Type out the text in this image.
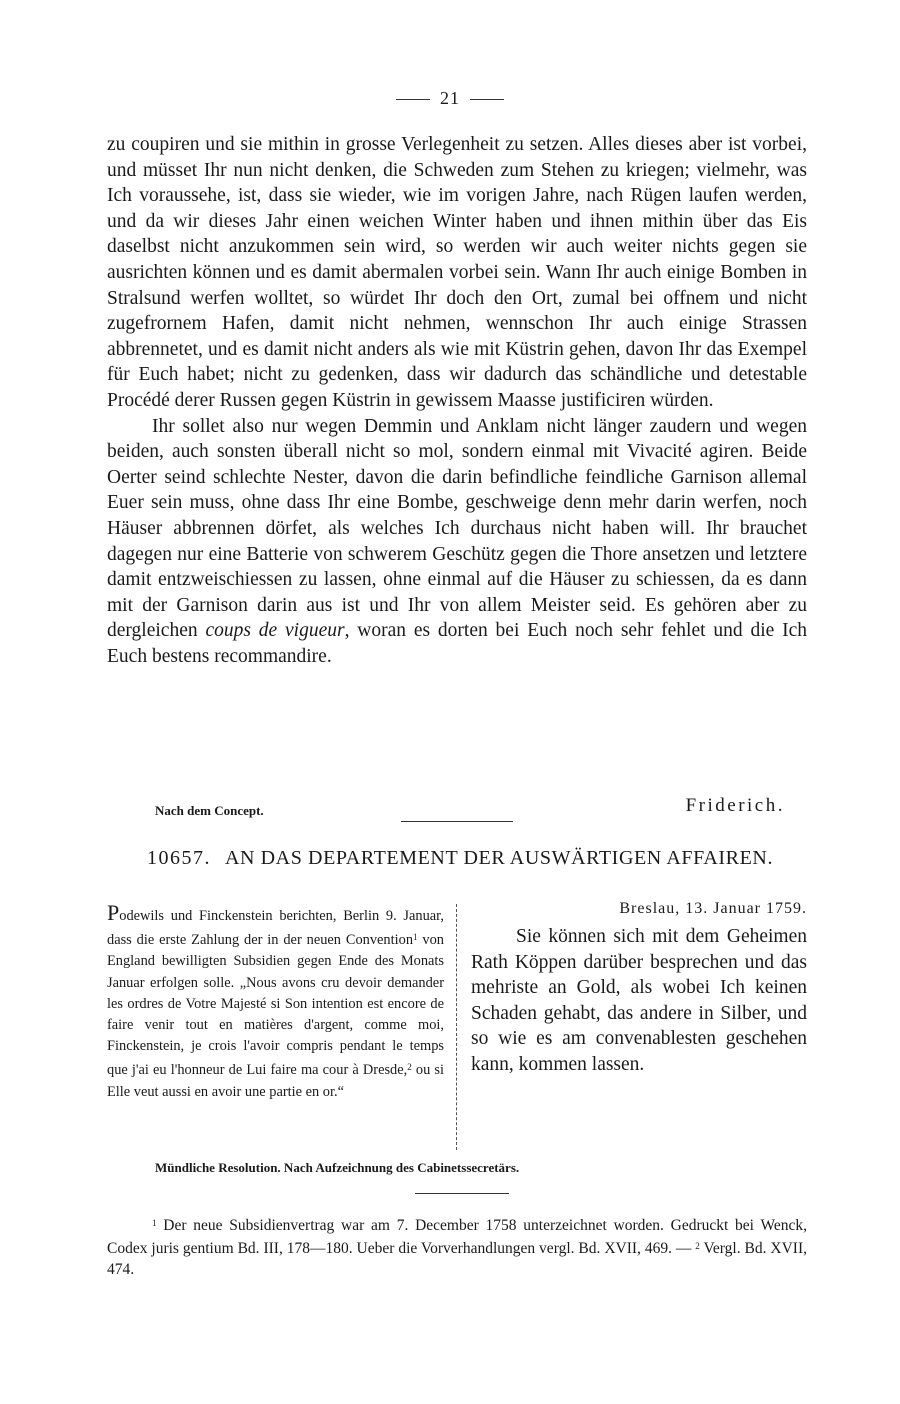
21

zu coupiren und sie mithin in grosse Verlegenheit zu setzen. Alles dieses aber ist vorbei, und müsset Ihr nun nicht denken, die Schweden zum Stehen zu kriegen; vielmehr, was Ich voraussehe, ist, dass sie wieder, wie im vorigen Jahre, nach Rügen laufen werden, und da wir dieses Jahr einen weichen Winter haben und ihnen mithin über das Eis daselbst nicht anzukommen sein wird, so werden wir auch weiter nichts gegen sie ausrichten können und es damit abermalen vorbei sein. Wann Ihr auch einige Bomben in Stralsund werfen wolltet, so würdet Ihr doch den Ort, zumal bei offnem und nicht zugefrornem Hafen, damit nicht nehmen, wennschon Ihr auch einige Strassen abbrennetet, und es damit nicht anders als wie mit Küstrin gehen, davon Ihr das Exempel für Euch habet; nicht zu gedenken, dass wir dadurch das schändliche und detestable Procédé derer Russen gegen Küstrin in gewissem Maasse justificiren würden.

Ihr sollet also nur wegen Demmin und Anklam nicht länger zaudern und wegen beiden, auch sonsten überall nicht so mol, sondern einmal mit Vivacité agiren. Beide Oerter seind schlechte Nester, davon die darin befindliche feindliche Garnison allemal Euer sein muss, ohne dass Ihr eine Bombe, geschweige denn mehr darin werfen, noch Häuser abbrennen dörfet, als welches Ich durchaus nicht haben will. Ihr brauchet dagegen nur eine Batterie von schwerem Geschütz gegen die Thore ansetzen und letztere damit entzweischiessen zu lassen, ohne einmal auf die Häuser zu schiessen, da es dann mit der Garnison darin aus ist und Ihr von allem Meister seid. Es gehören aber zu dergleichen coups de vigueur, woran es dorten bei Euch noch sehr fehlet und die Ich Euch bestens recommandire.

Nach dem Concept.	Friderich.
10657. AN DAS DEPARTEMENT DER AUSWÄRTIGEN AFFAIREN.

Podewils und Finckenstein berichten, Berlin 9. Januar, dass die erste Zahlung der in der neuen Convention$^1$ von England bewilligten Subsidien gegen Ende des Monats Januar erfolgen solle. „Nous avons cru devoir demander les ordres de Votre Majesté si Son intention est encore de faire venir tout en matières d'argent, comme moi, Finckenstein, je crois l'avoir compris pendant le temps que j'ai eu l'honneur de Lui faire ma cour à Dresde,$^2$ ou si Elle veut aussi en avoir une partie en or.“

Breslau, 13. Januar 1759.

Sie können sich mit dem Geheimen Rath Köppen darüber besprechen und das mehriste an Gold, als wobei Ich keinen Schaden gehabt, das andere in Silber, und so wie es am convenablesten geschehen kann, kommen lassen.

Mündliche Resolution. Nach Aufzeichnung des Cabinetssecretärs.

$^1$ Der neue Subsidienvertrag war am 7. December 1758 unterzeichnet worden. Gedruckt bei Wenck, Codex juris gentium Bd. III, 178—180. Ueber die Vorverhandlungen vergl. Bd. XVII, 469. — $^2$ Vergl. Bd. XVII, 474.
